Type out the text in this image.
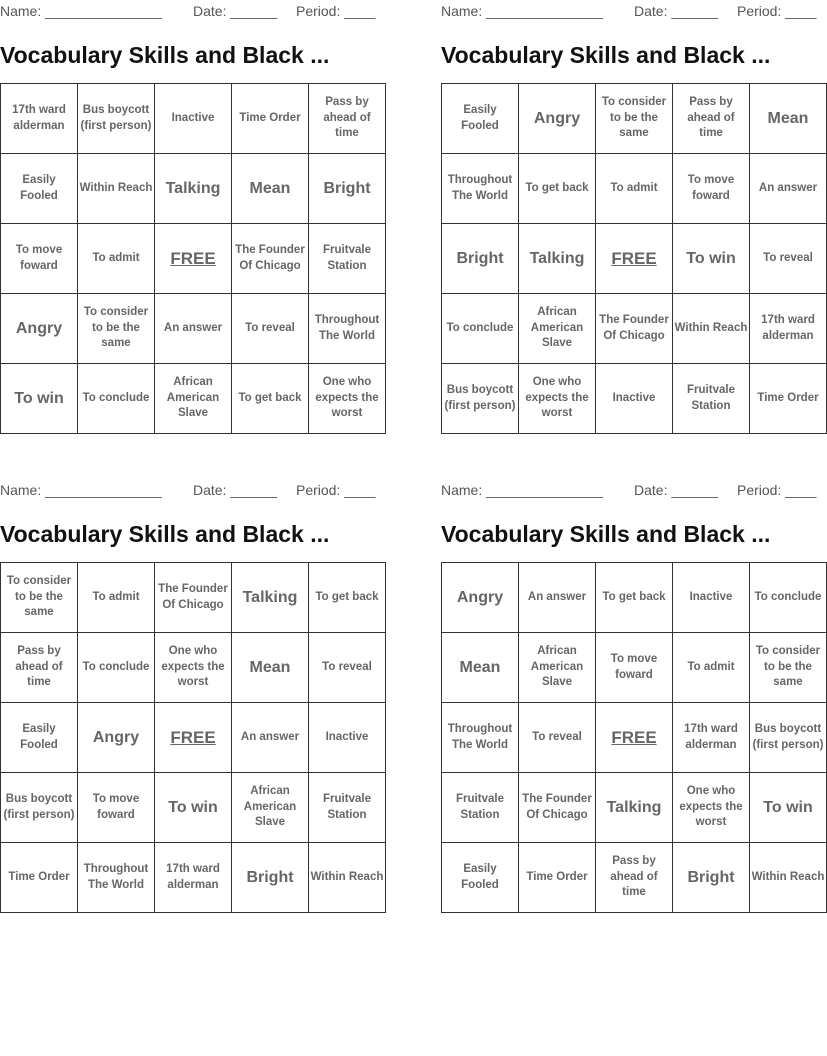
Name: _______________ Date: ______ Period: ____
Vocabulary Skills and Black ...
17th ward alderman	Bus boycott (first person)	Inactive	Time Order	Pass by ahead of time
Easily Fooled	Within Reach	Talking	Mean	Bright
To move foward	To admit	FREE	The Founder Of Chicago	Fruitvale Station
Angry	To consider to be the same	An answer	To reveal	Throughout The World
To win	To conclude	African American Slave	To get back	One who expects the worst
Name: _______________ Date: ______ Period: ____
Vocabulary Skills and Black ...
Easily Fooled	Angry	To consider to be the same	Pass by ahead of time	Mean
Throughout The World	To get back	To admit	To move foward	An answer
Bright	Talking	FREE	To win	To reveal
To conclude	African American Slave	The Founder Of Chicago	Within Reach	17th ward alderman
Bus boycott (first person)	One who expects the worst	Inactive	Fruitvale Station	Time Order
Name: _______________ Date: ______ Period: ____
Vocabulary Skills and Black ...
To consider to be the same	To admit	The Founder Of Chicago	Talking	To get back
Pass by ahead of time	To conclude	One who expects the worst	Mean	To reveal
Easily Fooled	Angry	FREE	An answer	Inactive
Bus boycott (first person)	To move foward	To win	African American Slave	Fruitvale Station
Time Order	Throughout The World	17th ward alderman	Bright	Within Reach
Name: _______________ Date: ______ Period: ____
Vocabulary Skills and Black ...
Angry	An answer	To get back	Inactive	To conclude
Mean	African American Slave	To move foward	To admit	To consider to be the same
Throughout The World	To reveal	FREE	17th ward alderman	Bus boycott (first person)
Fruitvale Station	The Founder Of Chicago	Talking	One who expects the worst	To win
Easily Fooled	Time Order	Pass by ahead of time	Bright	Within Reach
